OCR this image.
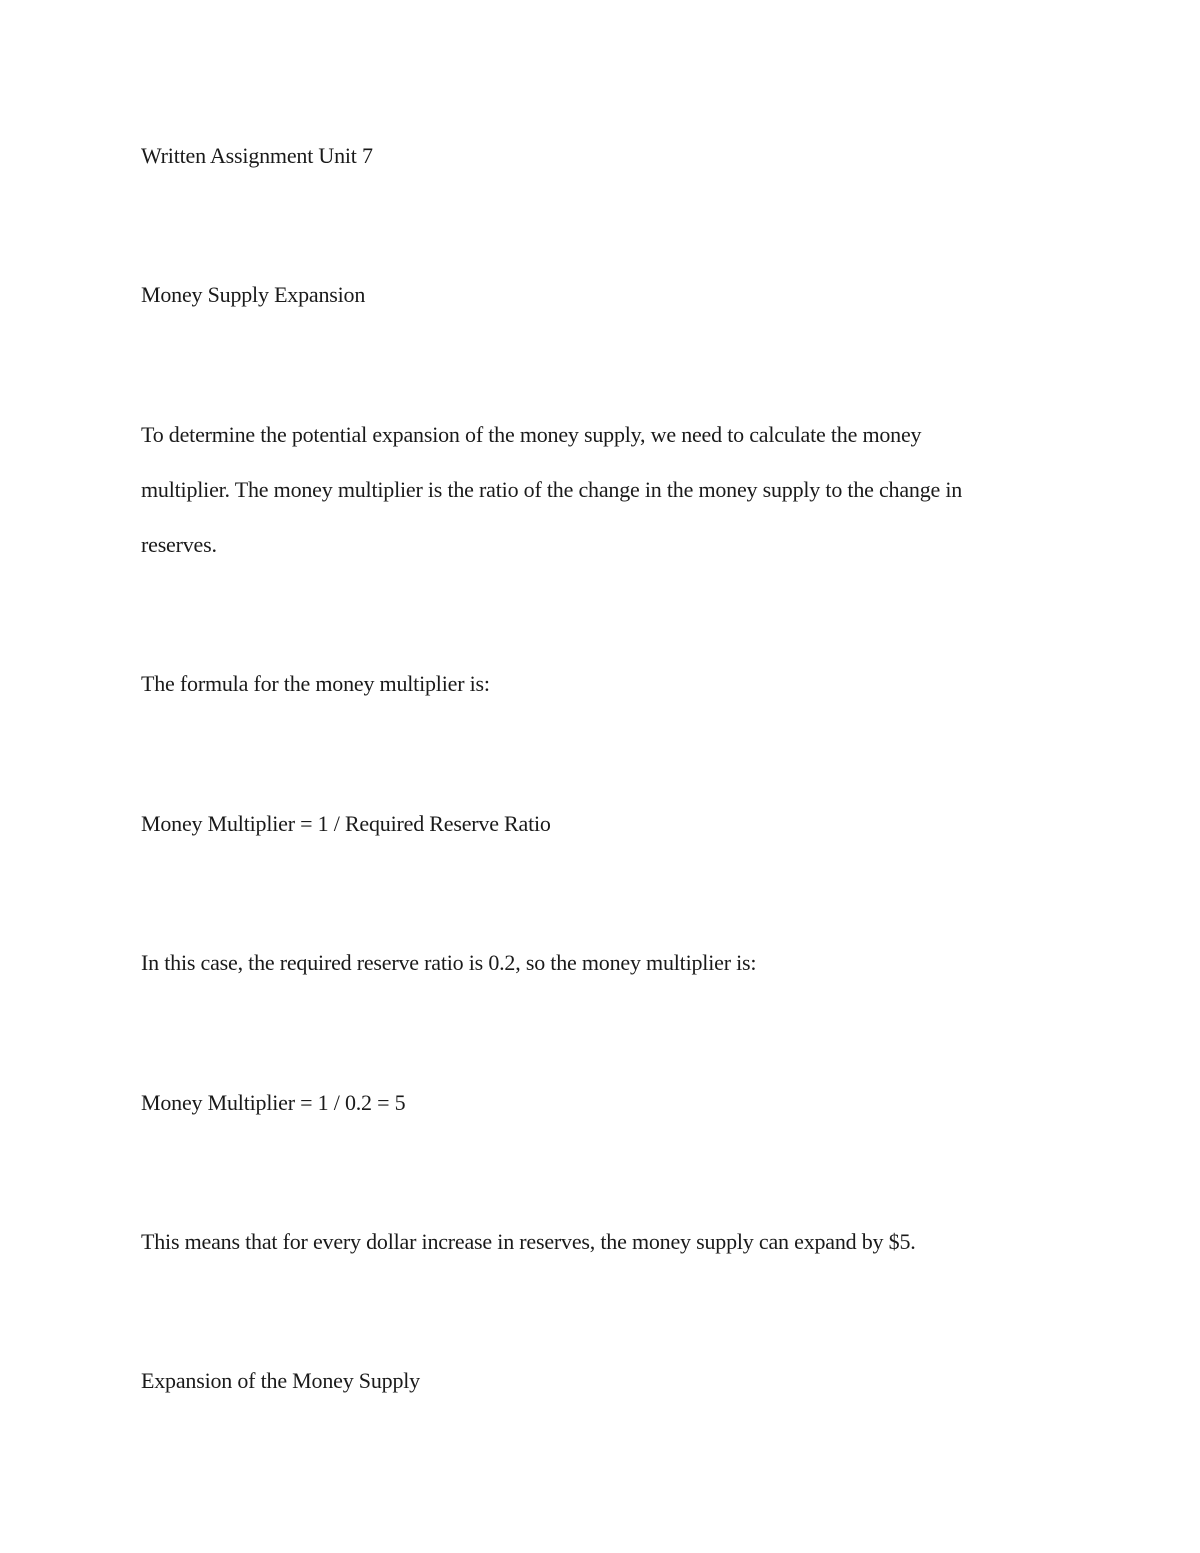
Written Assignment Unit 7

Money Supply Expansion

To determine the potential expansion of the money supply, we need to calculate the money

multiplier. The money multiplier is the ratio of the change in the money supply to the change in

reserves.

The formula for the money multiplier is:

Money Multiplier = 1 / Required Reserve Ratio

In this case, the required reserve ratio is 0.2, so the money multiplier is:

Money Multiplier = 1 / 0.2 = 5

This means that for every dollar increase in reserves, the money supply can expand by $5.

Expansion of the Money Supply
